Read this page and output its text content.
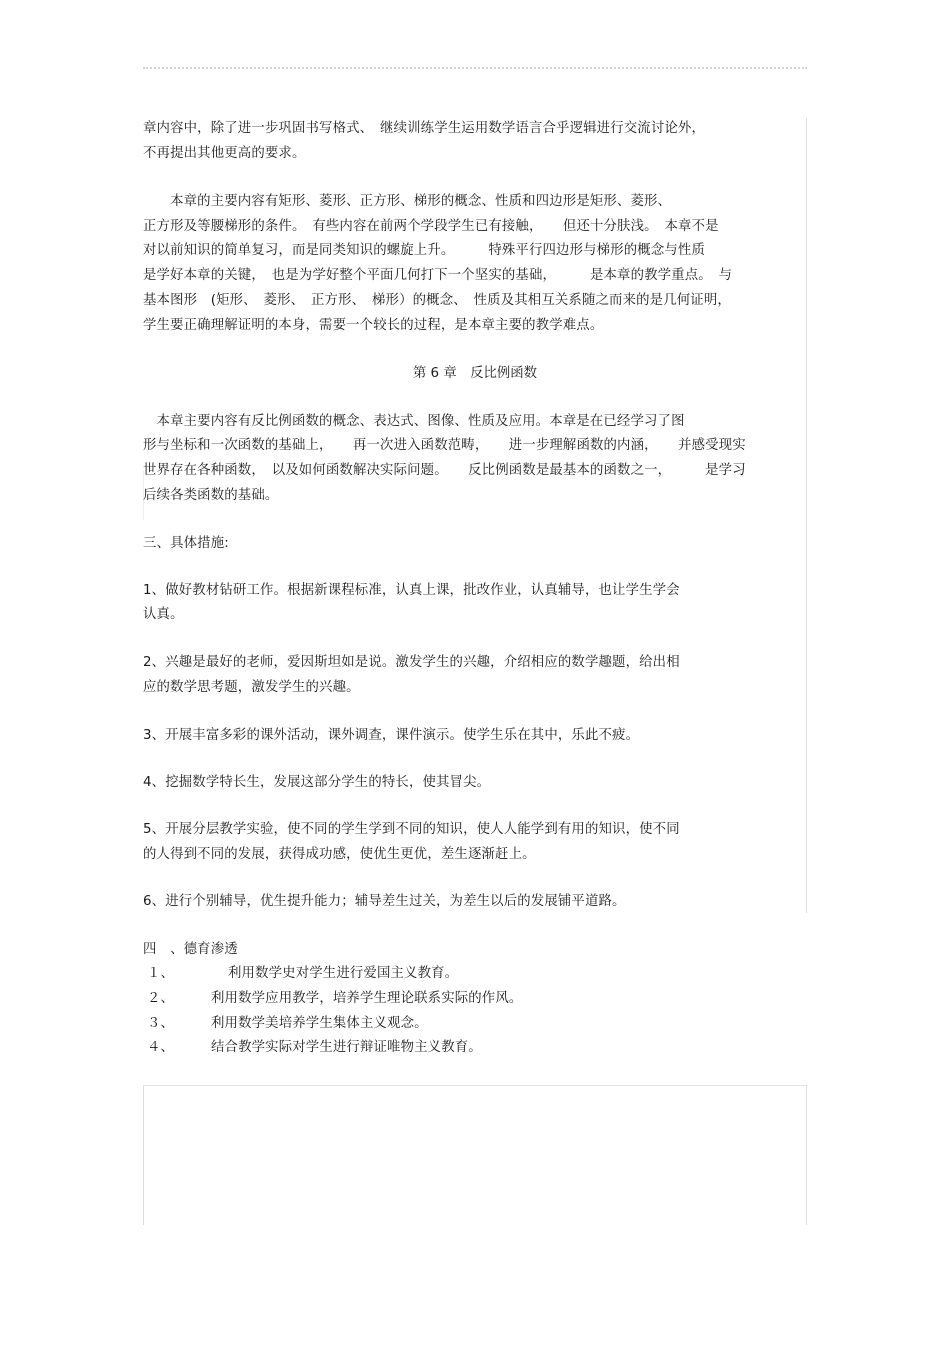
章内容中，除了进一步巩固书写格式、　继续训练学生运用数学语言合乎逻辑进行交流讨论外，
不再提出其他更高的要求。
　　本章的主要内容有矩形、菱形、正方形、梯形的概念、性质和四边形是矩形、菱形、
正方形及等腰梯形的条件。　有些内容在前两个学段学生已有接触，　　但还十分肤浅。　本章不是
对以前知识的简单复习，而是同类知识的螺旋上升。　　　特殊平行四边形与梯形的概念与性质
是学好本章的关键，　也是为学好整个平面几何打下一个坚实的基础，　　　是本章的教学重点。　与
基本图形　(矩形、　菱形、　正方形、　梯形）的概念、　性质及其相互关系随之而来的是几何证明，
学生要正确理解证明的本身，需要一个较长的过程，是本章主要的教学难点。
第 6 章　反比例函数
　本章主要内容有反比例函数的概念、表达式、图像、性质及应用。本章是在已经学习了图
形与坐标和一次函数的基础上，　　再一次进入函数范畴，　　进一步理解函数的内涵，　　并感受现实
世界存在各种函数，　以及如何函数解决实际问题。　　反比例函数是最基本的函数之一，　　　是学习
后续各类函数的基础。
三、具体措施:
1、做好教材钻研工作。根据新课程标准，认真上课，批改作业，认真辅导，也让学生学会
认真。
2、兴趣是最好的老师，爱因斯坦如是说。激发学生的兴趣，介绍相应的数学趣题，给出相
应的数学思考题，激发学生的兴趣。
3、开展丰富多彩的课外活动，课外调查，课件演示。使学生乐在其中，乐此不疲。
4、挖掘数学特长生，发展这部分学生的特长，使其冒尖。
5、开展分层教学实验，使不同的学生学到不同的知识，使人人能学到有用的知识，使不同
的人得到不同的发展，获得成功感，使优生更优，差生逐渐赶上。
6、进行个别辅导，优生提升能力；辅导差生过关，为差生以后的发展铺平道路。
四　、德育渗透
１、	利用数学史对学生进行爱国主义教育。
２、	利用数学应用教学，培养学生理论联系实际的作风。
３、	利用数学美培养学生集体主义观念。
４、	结合教学实际对学生进行辩证唯物主义教育。
